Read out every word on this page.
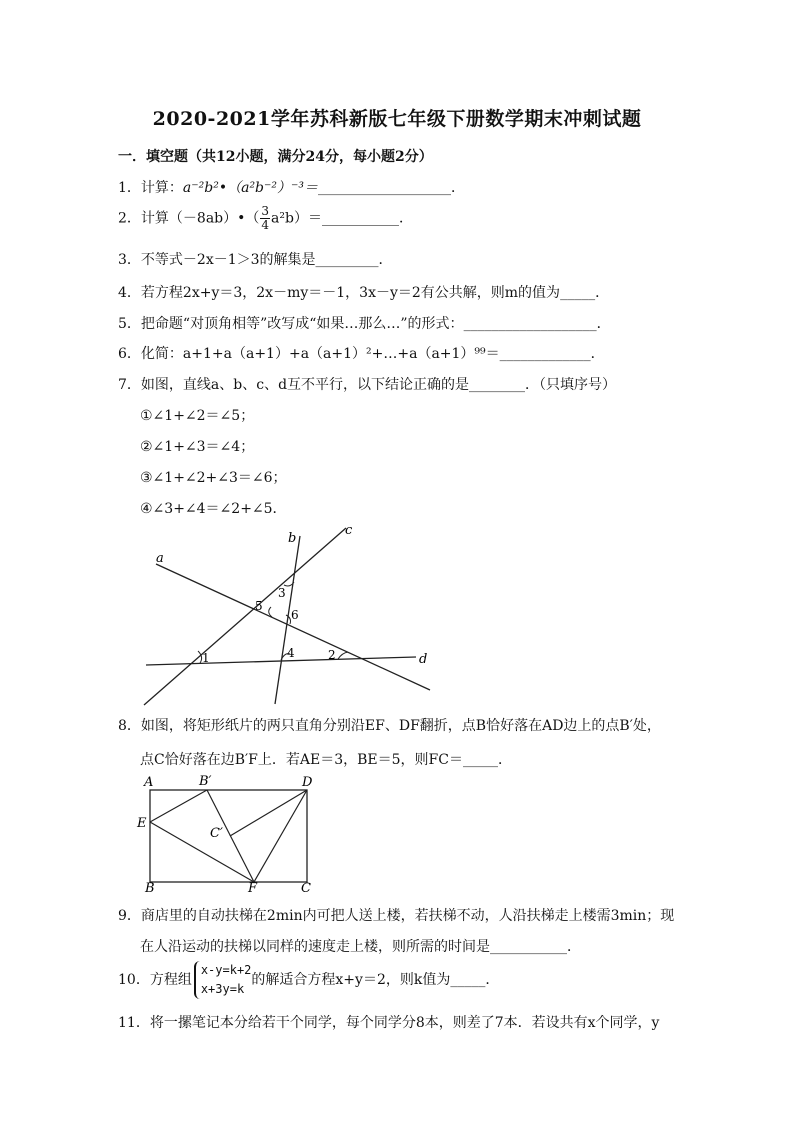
2020-2021学年苏科新版七年级下册数学期末冲刺试题
一．填空题（共12小题，满分24分，每小题2分）
1．计算：a⁻²b²•（a²b⁻²）⁻³＝___________________．
2．计算（－8ab）•（ $\frac{3}{4}$ a²b）＝___________．
3．不等式－2x－1＞3的解集是_________．
4．若方程2x+y＝3，2x－my＝－1，3x－y＝2有公共解，则m的值为_____．
5．把命题“对顶角相等”改写成“如果…那么…”的形式：___________________．
6．化简：a+1+a（a+1）+a（a+1）²+…+a（a+1）⁹⁹＝_____________．
7．如图，直线a、b、c、d互不平行，以下结论正确的是________．（只填序号）
①∠1+∠2＝∠5；
②∠1+∠3＝∠4；
③∠1+∠2+∠3＝∠6；
④∠3+∠4＝∠2+∠5．
a
b
c
d
1	2
3
4
5
6
8．如图，将矩形纸片的两只直角分别沿EF、DF翻折，点B恰好落在AD边上的点B′处，
点C恰好落在边B′F上．若AE＝3，BE＝5，则FC＝_____．
A	B′	D
E
C′
B	F	C
9．商店里的自动扶梯在2min内可把人送上楼，若扶梯不动，人沿扶梯走上楼需3min；现
在人沿运动的扶梯以同样的速度走上楼，则所需的时间是___________．
10．方程组
x-y=k+2
x+3y=k
的解适合方程x+y＝2，则k值为_____．
11．将一摞笔记本分给若干个同学，每个同学分8本，则差了7本．若设共有x个同学，y
